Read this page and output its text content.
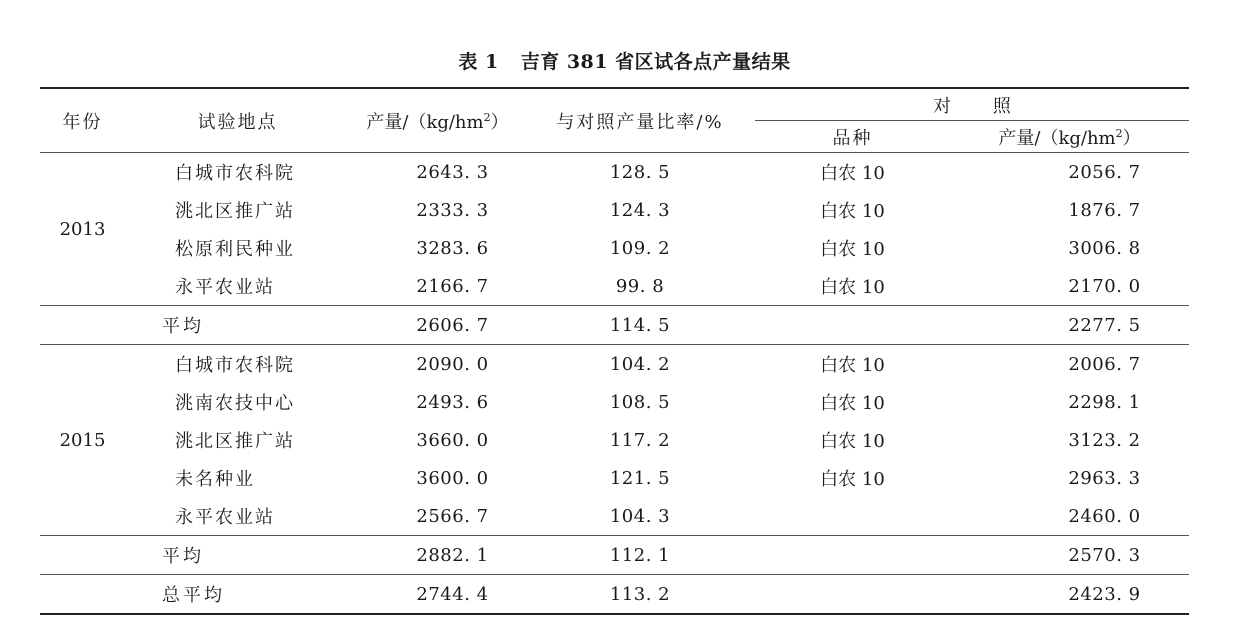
表 1 吉育 381 省区试各点产量结果
年份	试验地点	产量$/(kg/hm^2)$	与对照产量比率/%	对 照	
				品种	产量$/(kg/hm^2)$
2013	白城市农科院	2643. 3	128. 5	白农 10	2056. 7
	洮北区推广站	2333. 3	124. 3	白农 10	1876. 7
	松原利民种业	3283. 6	109. 2	白农 10	3006. 8
	永平农业站	2166. 7	99. 8	白农 10	2170. 0
	平均	2606. 7	114. 5		2277. 5
2015	白城市农科院	2090. 0	104. 2	白农 10	2006. 7
	洮南农技中心	2493. 6	108. 5	白农 10	2298. 1
	洮北区推广站	3660. 0	117. 2	白农 10	3123. 2
	未名种业	3600. 0	121. 5	白农 10	2963. 3
	永平农业站	2566. 7	104. 3		2460. 0
	平均	2882. 1	112. 1		2570. 3
	总平均	2744. 4	113. 2		2423. 9
